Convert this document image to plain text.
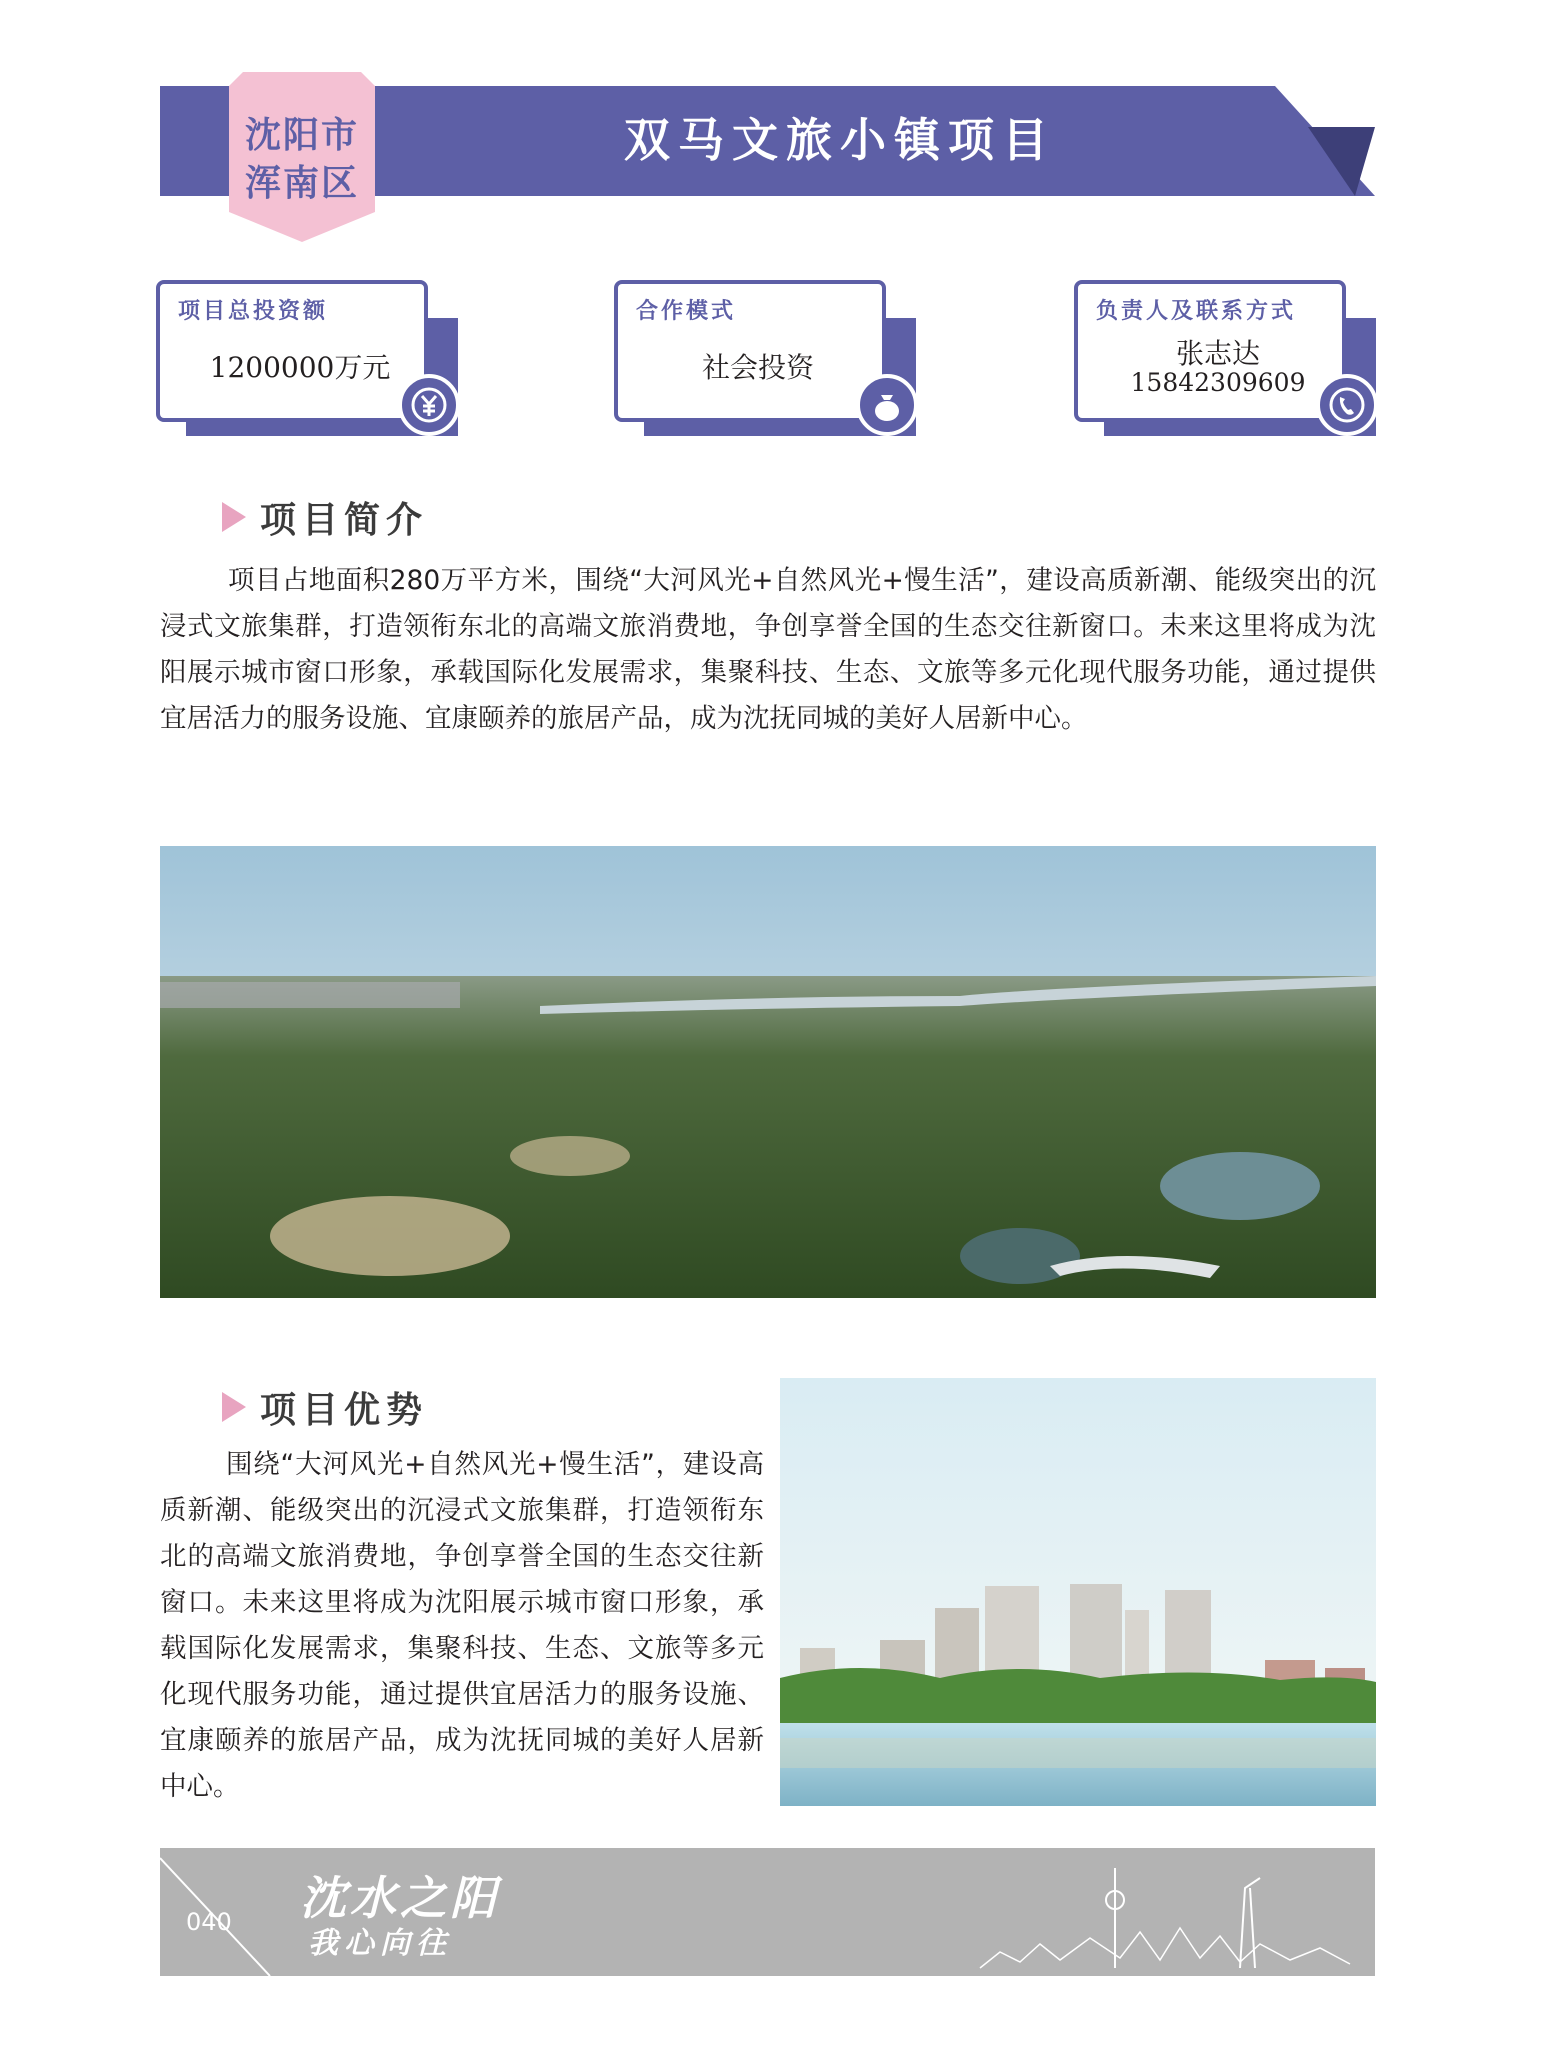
沈阳市
浑南区
双马文旅小镇项目
项目总投资额
1200000万元
合作模式
社会投资
负责人及联系方式
张志达
15842309609
项目简介
项目占地面积280万平方米，围绕“大河风光+自然风光+慢生活”，建设高质新潮、能级突出的沉浸式文旅集群，打造领衔东北的高端文旅消费地，争创享誉全国的生态交往新窗口。未来这里将成为沈阳展示城市窗口形象，承载国际化发展需求，集聚科技、生态、文旅等多元化现代服务功能，通过提供宜居活力的服务设施、宜康颐养的旅居产品，成为沈抚同城的美好人居新中心。
项目优势
围绕“大河风光+自然风光+慢生活”，建设高质新潮、能级突出的沉浸式文旅集群，打造领衔东北的高端文旅消费地，争创享誉全国的生态交往新窗口。未来这里将成为沈阳展示城市窗口形象，承载国际化发展需求，集聚科技、生态、文旅等多元化现代服务功能，通过提供宜居活力的服务设施、宜康颐养的旅居产品，成为沈抚同城的美好人居新中心。
040 沈水之阳
我心向往
